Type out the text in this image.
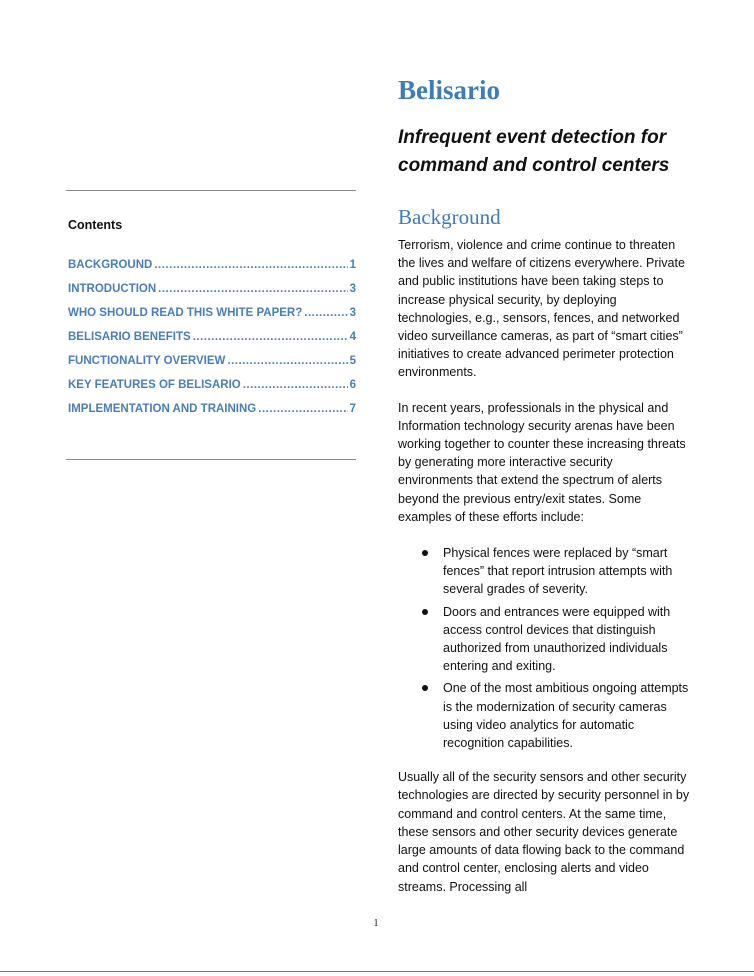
Contents
BACKGROUND .....	1
INTRODUCTION .....	3
WHO SHOULD READ THIS WHITE PAPER? .....	3
BELISARIO BENEFITS .....	4
FUNCTIONALITY OVERVIEW .....	5
KEY FEATURES OF BELISARIO .....	6
IMPLEMENTATION AND TRAINING .....	7
Belisario
Infrequent event detection for command and control centers
Background

Terrorism, violence and crime continue to threaten the lives and welfare of citizens everywhere. Private and public institutions have been taking steps to increase physical security, by deploying technologies, e.g., sensors, fences, and networked video surveillance cameras, as part of “smart cities” initiatives to create advanced perimeter protection environments.

In recent years, professionals in the physical and Information technology security arenas have been working together to counter these increasing threats by generating more interactive security environments that extend the spectrum of alerts beyond the previous entry/exit states. Some examples of these efforts include:

Physical fences were replaced by “smart fences” that report intrusion attempts with several grades of severity.
Doors and entrances were equipped with access control devices that distinguish authorized from unauthorized individuals entering and exiting.
One of the most ambitious ongoing attempts is the modernization of security cameras using video analytics for automatic recognition capabilities.

Usually all of the security sensors and other security technologies are directed by security personnel in by command and control centers. At the same time, these sensors and other security devices generate large amounts of data flowing back to the command and control center, enclosing alerts and video streams. Processing all

1
